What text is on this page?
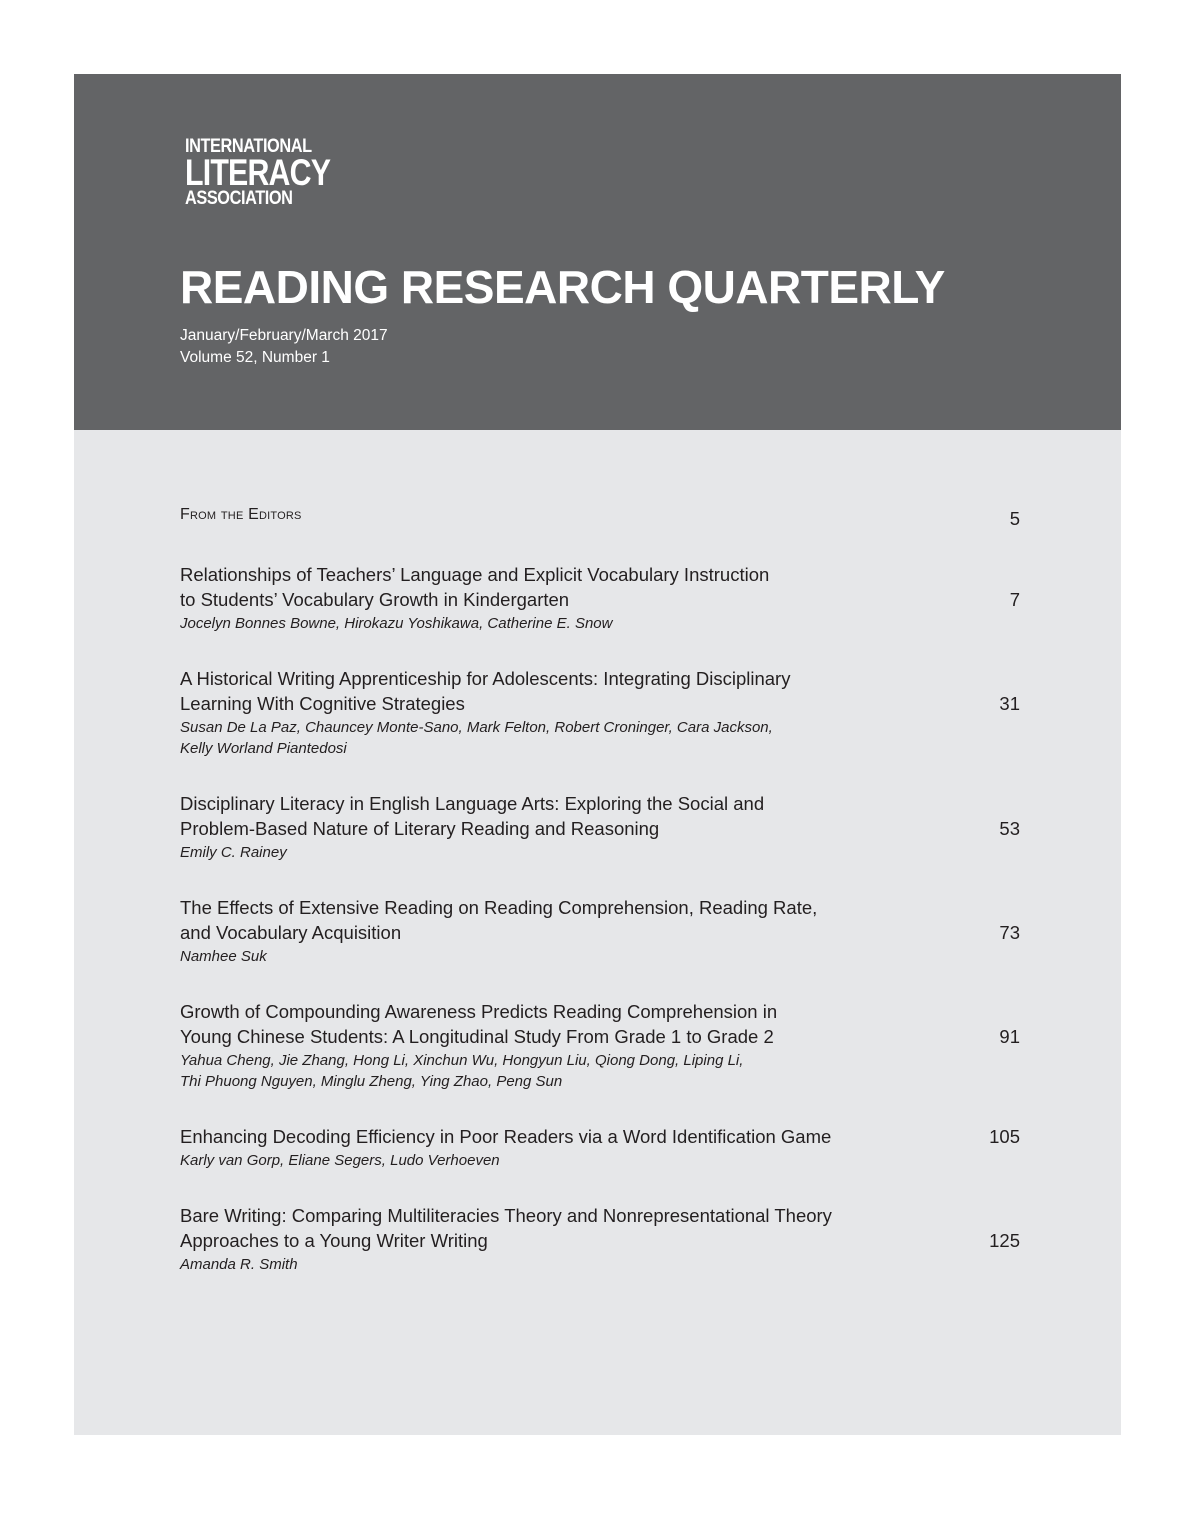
INTERNATIONAL
LITERACY
ASSOCIATION
READING RESEARCH QUARTERLY
January/February/March 2017
Volume 52, Number 1
From the Editors	5
Relationships of Teachers’ Language and Explicit Vocabulary Instruction
to Students’ Vocabulary Growth in Kindergarten	7
Jocelyn Bonnes Bowne, Hirokazu Yoshikawa, Catherine E. Snow
A Historical Writing Apprenticeship for Adolescents: Integrating Disciplinary
Learning With Cognitive Strategies	31
Susan De La Paz, Chauncey Monte-Sano, Mark Felton, Robert Croninger, Cara Jackson,
Kelly Worland Piantedosi
Disciplinary Literacy in English Language Arts: Exploring the Social and
Problem-Based Nature of Literary Reading and Reasoning	53
Emily C. Rainey
The Effects of Extensive Reading on Reading Comprehension, Reading Rate,
and Vocabulary Acquisition	73
Namhee Suk
Growth of Compounding Awareness Predicts Reading Comprehension in
Young Chinese Students: A Longitudinal Study From Grade 1 to Grade 2	91
Yahua Cheng, Jie Zhang, Hong Li, Xinchun Wu, Hongyun Liu, Qiong Dong, Liping Li,
Thi Phuong Nguyen, Minglu Zheng, Ying Zhao, Peng Sun
Enhancing Decoding Efficiency in Poor Readers via a Word Identification Game	105
Karly van Gorp, Eliane Segers, Ludo Verhoeven
Bare Writing: Comparing Multiliteracies Theory and Nonrepresentational Theory
Approaches to a Young Writer Writing	125
Amanda R. Smith
